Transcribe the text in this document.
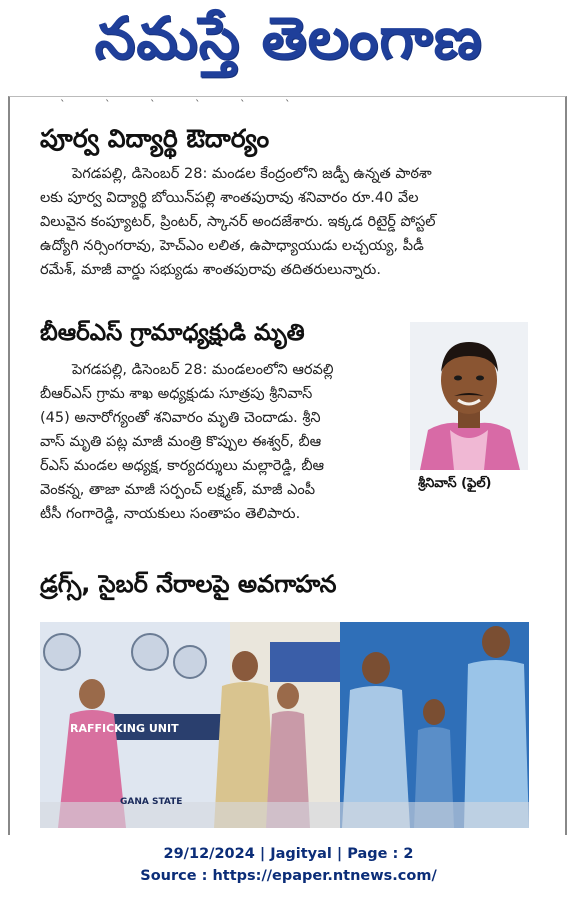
నమస్తే తెలంగాణ
` ` ` ` ` `
పూర్వ విద్యార్థి ఔదార్యం
పెగడపల్లి, డిసెంబర్ 28: మండల కేంద్రంలోని జడ్పీ ఉన్నత పాఠశా
లకు పూర్వ విద్యార్థి బోయిన్‌పల్లి శాంతపురావు శనివారం రూ.40 వేల
విలువైన కంప్యూటర్, ప్రింటర్, స్కానర్ అందజేశారు. ఇక్కడ రిటైర్డ్ పోస్టల్
ఉద్యోగి నర్సింగరావు, హెచ్ఎం లలిత, ఉపాధ్యాయుడు లచ్చయ్య, పీడీ
రమేశ్, మాజీ వార్డు సభ్యుడు శాంతపురావు తదితరులున్నారు.
బీఆర్ఎస్ గ్రామాధ్యక్షుడి మృతి
పెగడపల్లి, డిసెంబర్ 28: మండలంలోని ఆరవల్లి
బీఆర్ఎస్ గ్రామ శాఖ అధ్యక్షుడు సూత్రపు శ్రీనివాస్
(45) అనారోగ్యంతో శనివారం మృతి చెందాడు. శ్రీని
వాస్ మృతి పట్ల మాజీ మంత్రి కొప్పుల ఈశ్వర్, బీఆ
ర్ఎస్ మండల అధ్యక్ష, కార్యదర్శులు మల్లారెడ్డి, బీఆ
వెంకన్న, తాజా మాజీ సర్పంచ్ లక్ష్మణ్, మాజీ ఎంపీ
టీసీ గంగారెడ్డి, నాయకులు సంతాపం తెలిపారు.
శ్రీనివాస్ (ఫైల్)
డ్రగ్స్, సైబర్ నేరాలపై అవగాహన
RAFFICKING UNIT
GANA STATE
29/12/2024 | Jagityal | Page : 2
Source : https://epaper.ntnews.com/
